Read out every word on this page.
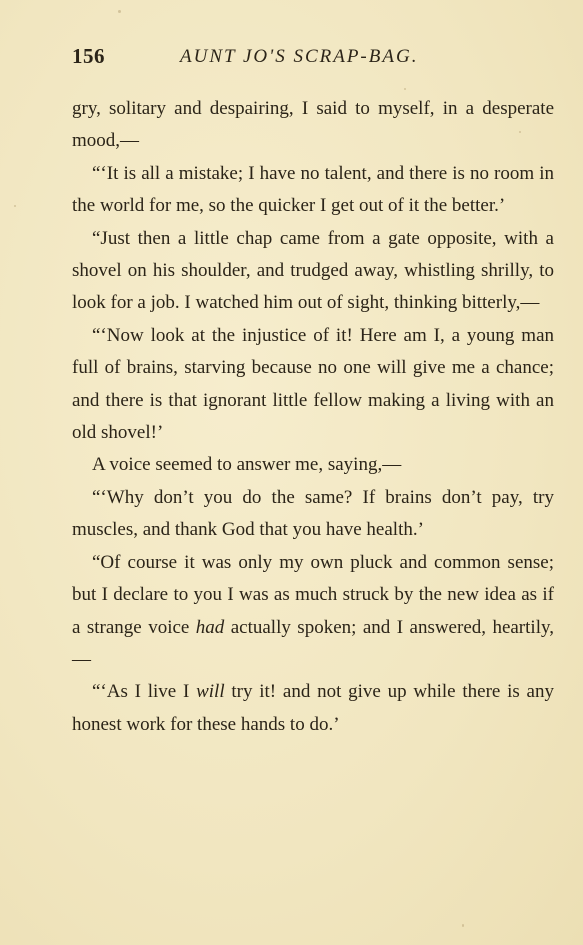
156	AUNT JO'S SCRAP-BAG.

gry, solitary and despairing, I said to myself, in a desperate mood,—

“‘It is all a mistake; I have no talent, and there is no room in the world for me, so the quicker I get out of it the better.’

“Just then a little chap came from a gate opposite, with a shovel on his shoulder, and trudged away, whistling shrilly, to look for a job. I watched him out of sight, thinking bitterly,—

“‘Now look at the injustice of it! Here am I, a young man full of brains, starving because no one will give me a chance; and there is that ignorant little fellow making a living with an old shovel!’

A voice seemed to answer me, saying,—

“‘Why don’t you do the same? If brains don’t pay, try muscles, and thank God that you have health.’

“Of course it was only my own pluck and common sense; but I declare to you I was as much struck by the new idea as if a strange voice had actually spoken; and I answered, heartily,—

“‘As I live I will try it! and not give up while there is any honest work for these hands to do.’
